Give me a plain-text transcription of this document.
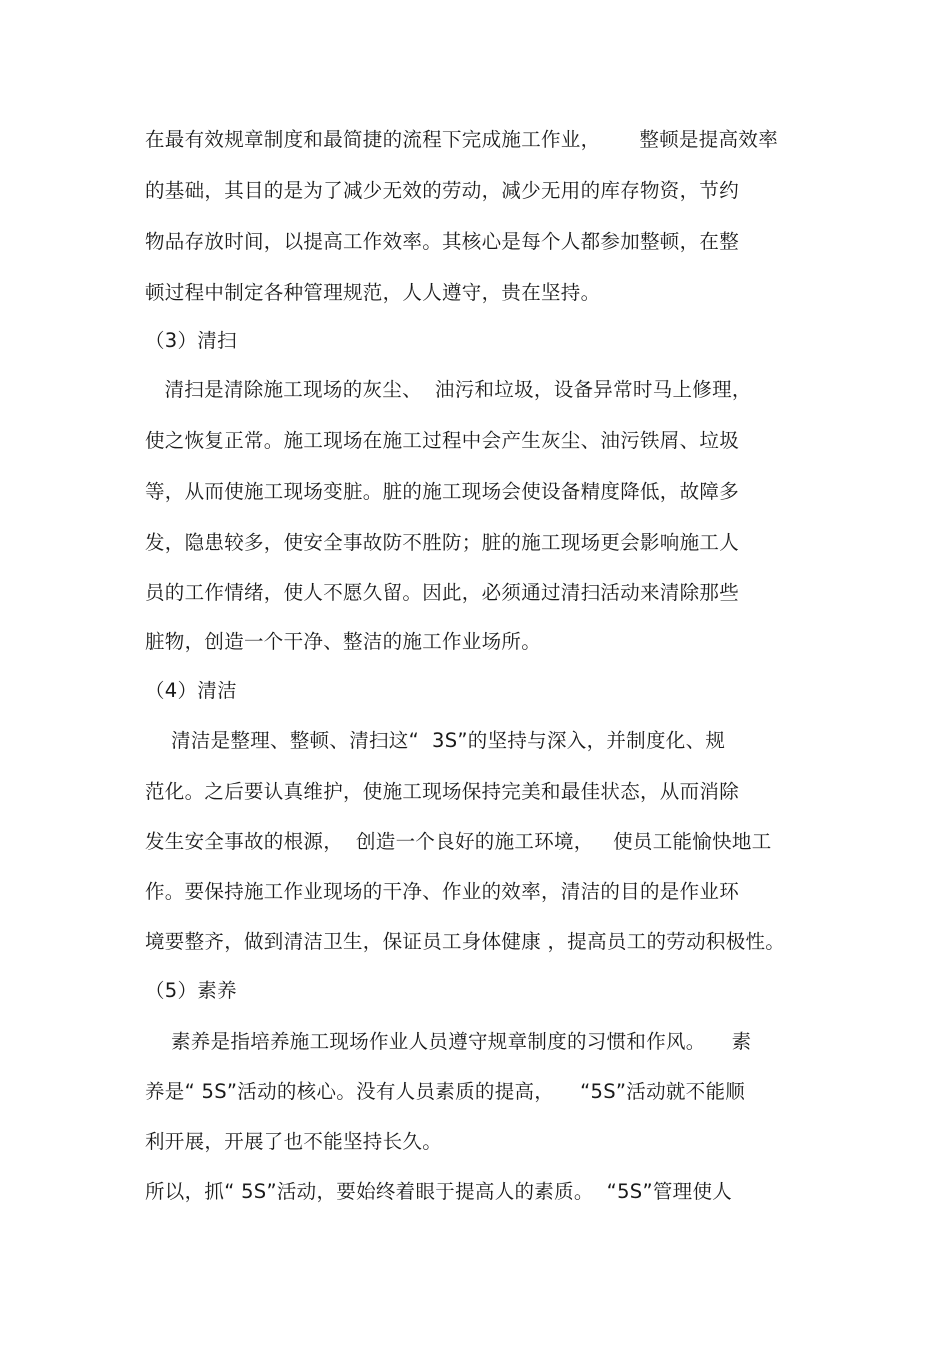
在最有效规章制度和最简捷的流程下完成施工作业，      整顿是提高效率
的基础，其目的是为了减少无效的劳动，减少无用的库存物资，节约
物品存放时间，以提高工作效率。其核心是每个人都参加整顿，在整
顿过程中制定各种管理规范，人人遵守，贵在坚持。
（3）清扫
清扫是清除施工现场的灰尘、  油污和垃圾，设备异常时马上修理，
使之恢复正常。施工现场在施工过程中会产生灰尘、油污铁屑、垃圾
等，从而使施工现场变脏。脏的施工现场会使设备精度降低，故障多
发，隐患较多，使安全事故防不胜防；脏的施工现场更会影响施工人
员的工作情绪，使人不愿久留。因此，必须通过清扫活动来清除那些
脏物，创造一个干净、整洁的施工作业场所。
（4）清洁
清洁是整理、整顿、清扫这“  3S”的坚持与深入，并制度化、规
范化。之后要认真维护，使施工现场保持完美和最佳状态，从而消除
发生安全事故的根源，  创造一个良好的施工环境，   使员工能愉快地工
作。要保持施工作业现场的干净、作业的效率，清洁的目的是作业环
境要整齐，做到清洁卫生，保证员工身体健康 ，提高员工的劳动积极性。
（5）素养
素养是指培养施工现场作业人员遵守规章制度的习惯和作风。    素
养是“ 5S”活动的核心。没有人员素质的提高，    “5S”活动就不能顺
利开展，开展了也不能坚持长久。
所以，抓“ 5S”活动，要始终着眼于提高人的素质。  “5S”管理使人
